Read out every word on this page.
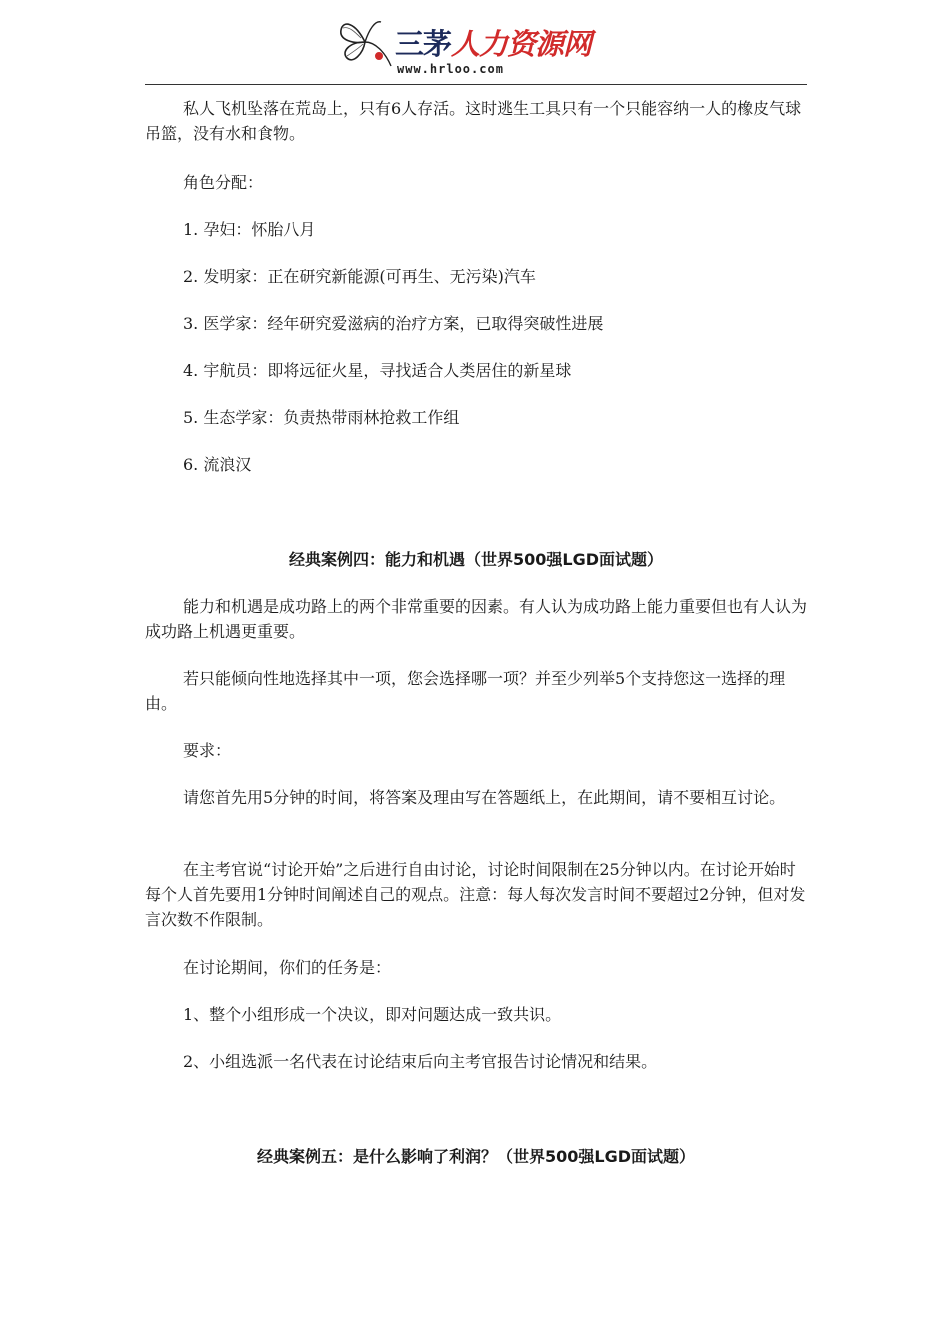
三茅人力资源网
www.hrloo.com
私人飞机坠落在荒岛上，只有6人存活。这时逃生工具只有一个只能容纳一人的橡皮气球吊篮，没有水和食物。
角色分配：
1. 孕妇：怀胎八月
2. 发明家：正在研究新能源(可再生、无污染)汽车
3. 医学家：经年研究爱滋病的治疗方案，已取得突破性进展
4. 宇航员：即将远征火星，寻找适合人类居住的新星球
5. 生态学家：负责热带雨林抢救工作组
6. 流浪汉
经典案例四：能力和机遇（世界500强LGD面试题）
能力和机遇是成功路上的两个非常重要的因素。有人认为成功路上能力重要但也有人认为成功路上机遇更重要。
若只能倾向性地选择其中一项，您会选择哪一项？并至少列举5个支持您这一选择的理由。
要求：
请您首先用5分钟的时间，将答案及理由写在答题纸上，在此期间，请不要相互讨论。
在主考官说“讨论开始”之后进行自由讨论，讨论时间限制在25分钟以内。在讨论开始时每个人首先要用1分钟时间阐述自己的观点。注意：每人每次发言时间不要超过2分钟，但对发言次数不作限制。
在讨论期间，你们的任务是：
1、整个小组形成一个决议，即对问题达成一致共识。
2、小组选派一名代表在讨论结束后向主考官报告讨论情况和结果。
经典案例五：是什么影响了利润？（世界500强LGD面试题）
